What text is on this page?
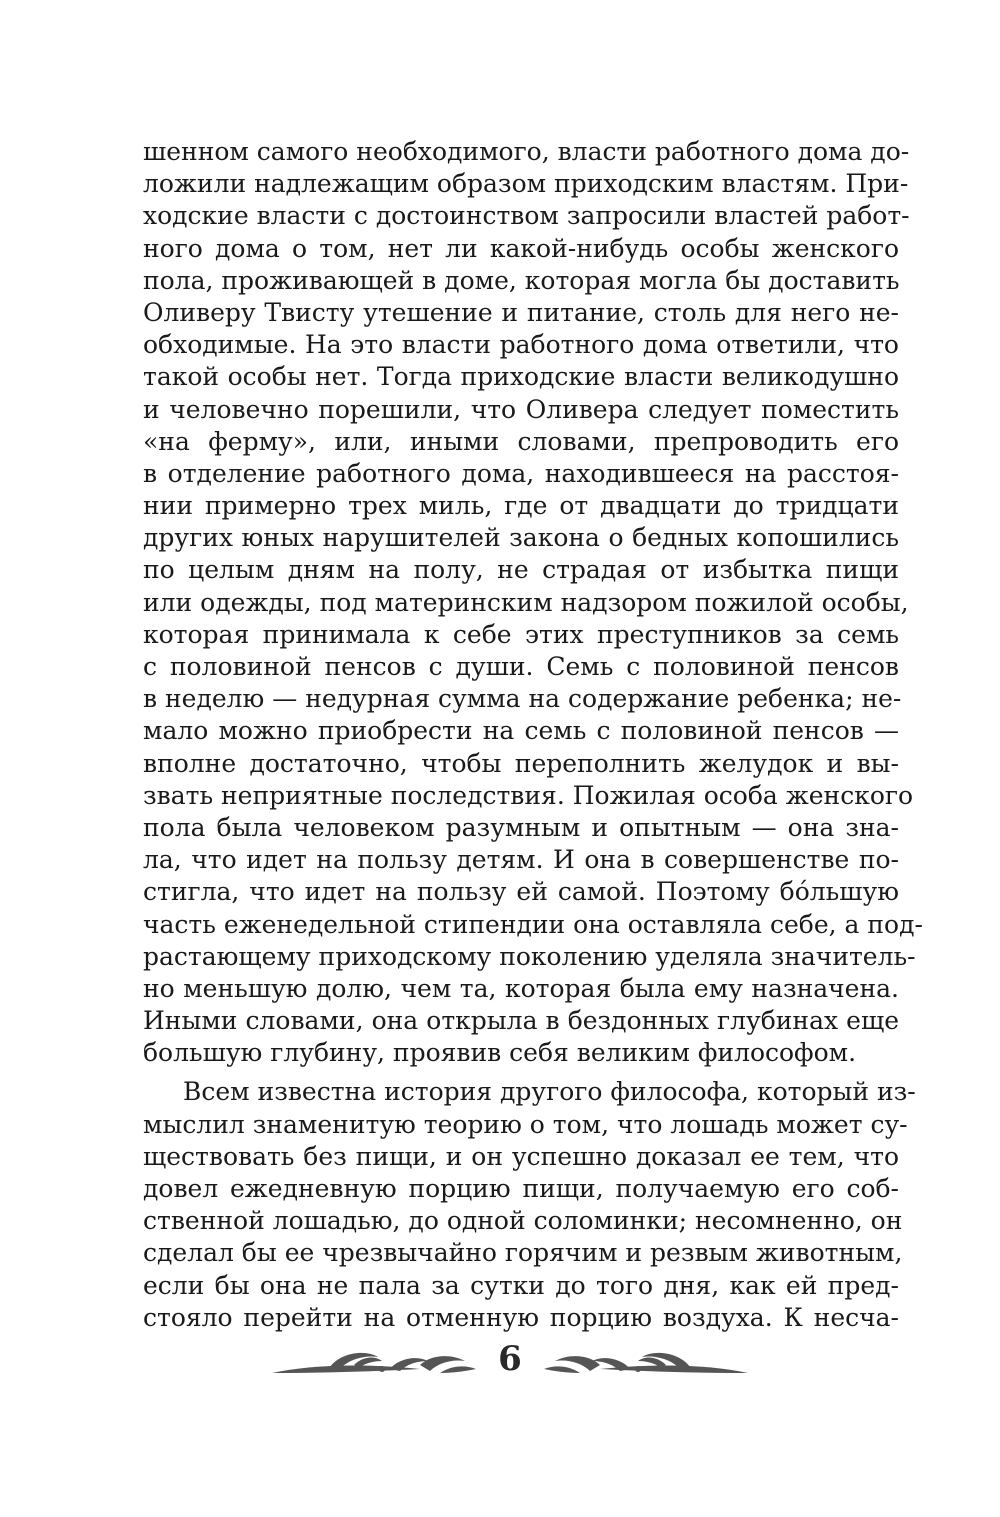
шенном самого необходимого, власти работного дома до-
ложили надлежащим образом приходским властям. При-
ходские власти с достоинством запросили властей работ-
ного дома о том, нет ли какой-нибудь особы женского
пола, проживающей в доме, которая могла бы доставить
Оливеру Твисту утешение и питание, столь для него не-
обходимые. На это власти работного дома ответили, что
такой особы нет. Тогда приходские власти великодушно
и человечно порешили, что Оливера следует поместить
«на ферму», или, иными словами, препроводить его
в отделение работного дома, находившееся на расстоя-
нии примерно трех миль, где от двадцати до тридцати
других юных нарушителей закона о бедных копошились
по целым дням на полу, не страдая от избытка пищи
или одежды, под материнским надзором пожилой особы,
которая принимала к себе этих преступников за семь
с половиной пенсов с души. Семь с половиной пенсов
в неделю — недурная сумма на содержание ребенка; не-
мало можно приобрести на семь с половиной пенсов —
вполне достаточно, чтобы переполнить желудок и вы-
звать неприятные последствия. Пожилая особа женского
пола была человеком разумным и опытным — она зна-
ла, что идет на пользу детям. И она в совершенстве по-
стигла, что идет на пользу ей самой. Поэтому бóльшую
часть еженедельной стипендии она оставляла себе, а под-
растающему приходскому поколению уделяла значитель-
но меньшую долю, чем та, которая была ему назначена.
Иными словами, она открыла в бездонных глубинах еще
большую глубину, проявив себя великим философом.
Всем известна история другого философа, который из-
мыслил знаменитую теорию о том, что лошадь может су-
ществовать без пищи, и он успешно доказал ее тем, что
довел ежедневную порцию пищи, получаемую его соб-
ственной лошадью, до одной соломинки; несомненно, он
сделал бы ее чрезвычайно горячим и резвым животным,
если бы она не пала за сутки до того дня, как ей пред-
стояло перейти на отменную порцию воздуха. К несча-
6
